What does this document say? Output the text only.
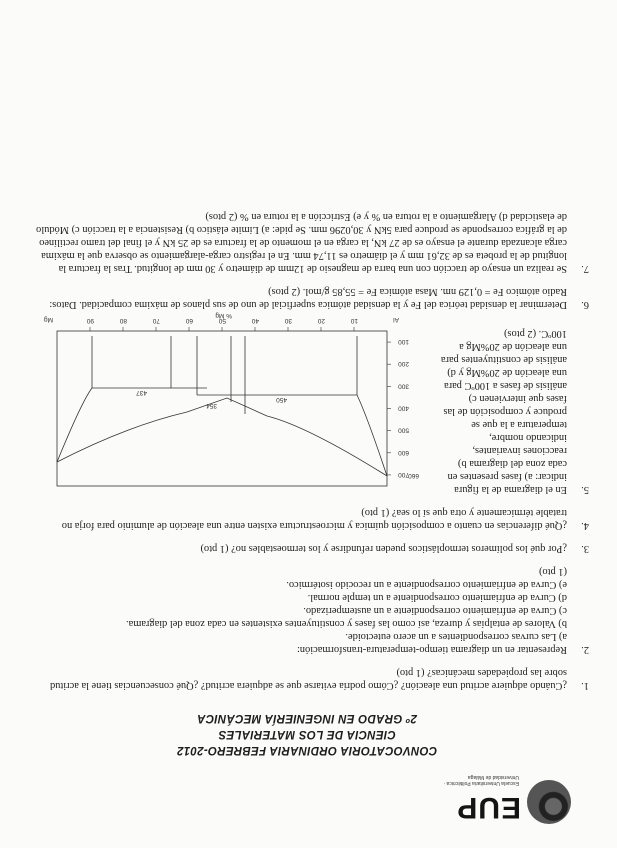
EUP
Escuela Universitaria Politécnica · Universidad de Málaga
CONVOCATORIA ORDINARIA FEBRERO-2012
CIENCIA DE LOS MATERIALES
2º GRADO EN INGENIERÍA MECÁNICA
1.

¿Cuándo adquiere acritud una aleación? ¿Cómo podría evitarse que se adquiera acritud? ¿Qué consecuencias tiene la acritud sobre las propiedades mecánicas? (1 pto)

2.

Representar en un diagrama tiempo-temperatura-transformación:

a) Las curvas correspondientes a un acero eutectoide.

b) Valores de entalpías y dureza, así como las fases y constituyentes existentes en cada zona del diagrama.

c) Curva de enfriamiento correspondiente a un austemperizado.

d) Curva de enfriamiento correspondiente a un temple normal.

e) Curva de enfriamiento correspondiente a un recocido isotérmico.

(1 pto)

3.

¿Por qué los polímeros termoplásticos pueden refundirse y los termoestables no? (1 pto)

4.

¿Qué diferencias en cuanto a composición química y microestructura existen entre una aleación de aluminio para forja no tratable térmicamente y otra que sí lo sea? (1 pto)

5.

En el diagrama de la figura indicar: a) fases presentes en cada zona del diagrama b) reacciones invariantes, indicando nombre, temperatura a la que se produce y composición de las fases que intervienen c) análisis de fases a 100ºC para una aleación de 20%Mg y d) análisis de constituyentes para una aleación de 20%Mg a 100ºC. (2 ptos)

700
600
500
400
300
200
100
10
20
30
40
50
60
70
80
90	Al
Mg
% Mg
660
450
437
354
6.

Determinar la densidad teórica del Fe y la densidad atómica superficial de uno de sus planos de máxima compacidad. Datos: Radio atómico Fe = 0,129 nm. Masa atómica Fe = 55,85 g/mol. (2 ptos)

7.

Se realiza un ensayo de tracción con una barra de magnesio de 12mm de diámetro y 30 mm de longitud. Tras la fractura la longitud de la probeta es de 32,61 mm y el diámetro es 11,74 mm. En el registro carga-alargamiento se observa que la máxima carga alcanzada durante el ensayo es de 27 kN, la carga en el momento de la fractura es de 25 kN y el final del tramo rectilíneo de la gráfica corresponde se produce para 5kN y 30,0296 mm. Se pide: a) Límite elástico b) Resistencia a la tracción c) Módulo de elasticidad d) Alargamiento a la rotura en % y e) Estricción a la rotura en % (2 ptos)
